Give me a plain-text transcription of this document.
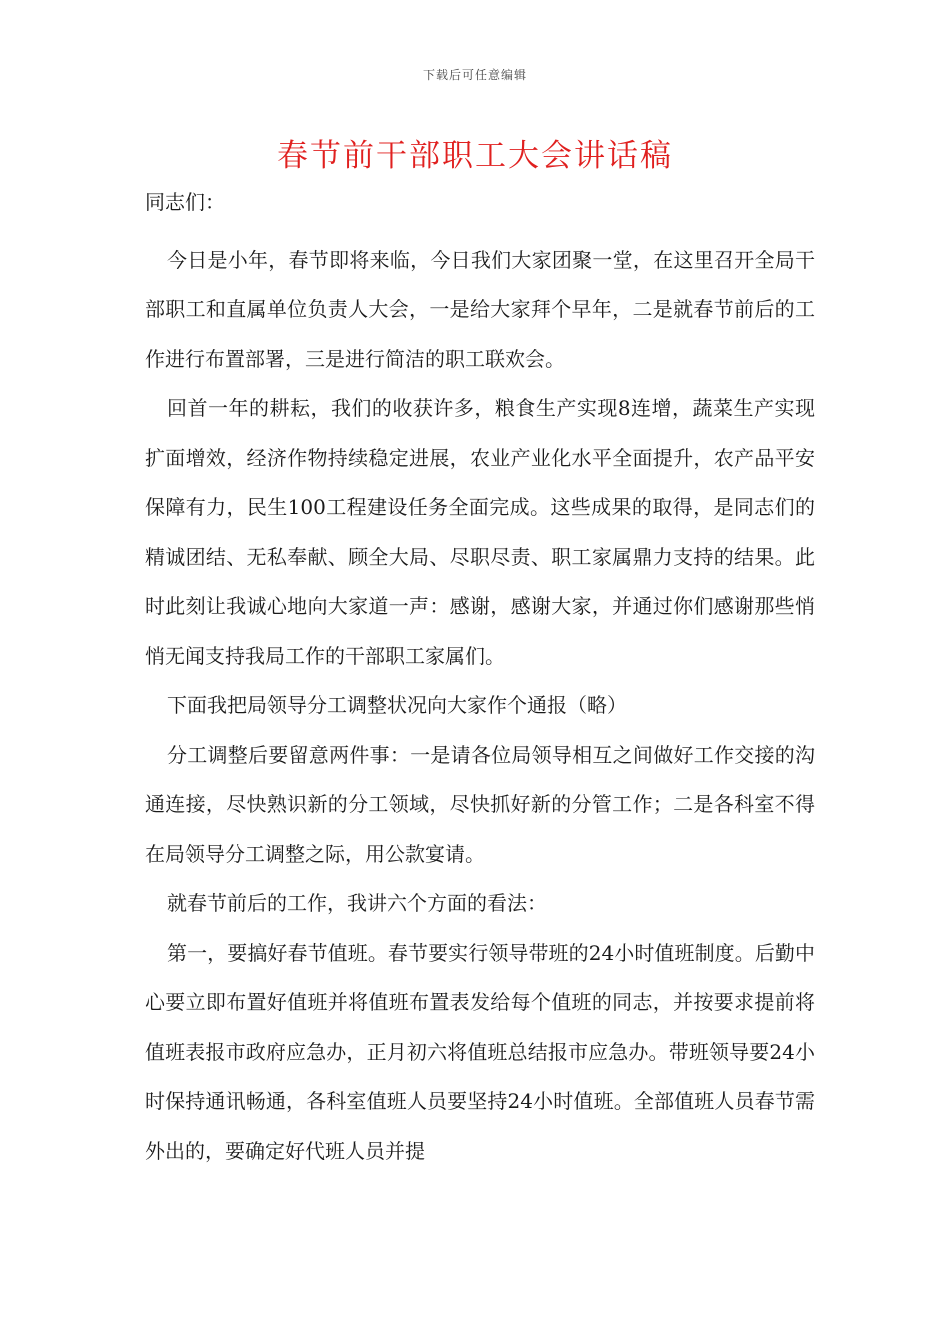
下载后可任意编辑
春节前干部职工大会讲话稿

同志们：

今日是小年，春节即将来临，今日我们大家团聚一堂，在这里召开全局干部职工和直属单位负责人大会，一是给大家拜个早年，二是就春节前后的工作进行布置部署，三是进行简洁的职工联欢会。

回首一年的耕耘，我们的收获许多，粮食生产实现8连增，蔬菜生产实现扩面增效，经济作物持续稳定进展，农业产业化水平全面提升，农产品平安保障有力，民生100工程建设任务全面完成。这些成果的取得，是同志们的精诚团结、无私奉献、顾全大局、尽职尽责、职工家属鼎力支持的结果。此时此刻让我诚心地向大家道一声：感谢，感谢大家，并通过你们感谢那些悄悄无闻支持我局工作的干部职工家属们。

下面我把局领导分工调整状况向大家作个通报（略）

分工调整后要留意两件事：一是请各位局领导相互之间做好工作交接的沟通连接，尽快熟识新的分工领域，尽快抓好新的分管工作；二是各科室不得在局领导分工调整之际，用公款宴请。

就春节前后的工作，我讲六个方面的看法：

第一，要搞好春节值班。春节要实行领导带班的24小时值班制度。后勤中心要立即布置好值班并将值班布置表发给每个值班的同志，并按要求提前将值班表报市政府应急办，正月初六将值班总结报市应急办。带班领导要24小时保持通讯畅通，各科室值班人员要坚持24小时值班。全部值班人员春节需外出的，要确定好代班人员并提
